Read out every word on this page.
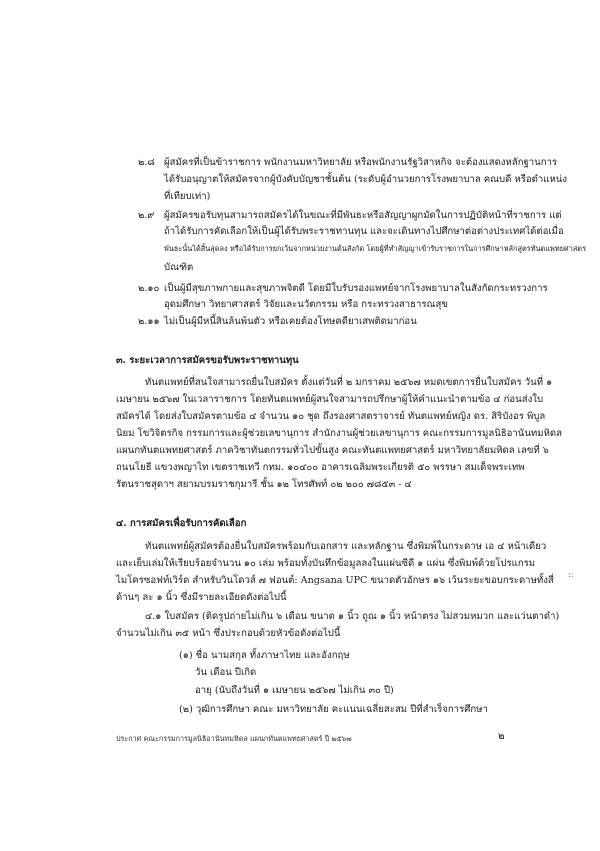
๒.๘ ผู้สมัครที่เป็นข้าราชการ พนักงานมหาวิทยาลัย หรือพนักงานรัฐวิสาหกิจ จะต้องแสดงหลักฐานการ
ได้รับอนุญาตให้สมัครจากผู้บังคับบัญชาชั้นต้น (ระดับผู้อำนวยการโรงพยาบาล คณบดี หรือตำแหน่ง
ที่เทียบเท่า)
๒.๙ ผู้สมัครขอรับทุนสามารถสมัครได้ในขณะที่มีพันธะหรือสัญญาผูกมัดในการปฏิบัติหน้าที่ราชการ แต่
ถ้าได้รับการคัดเลือกให้เป็นผู้ได้รับพระราชทานทุน และจะเดินทางไปศึกษาต่อต่างประเทศได้ต่อเมื่อ
พันธะนั้นได้สิ้นสุดลง หรือได้รับการยกเว้นจากหน่วยงานต้นสังกัด โดยผู้ที่ทำสัญญาเข้ารับราชการในการศึกษาหลักสูตรทันตแพทยศาสตร
บัณฑิต
๒.๑๐ เป็นผู้มีสุขภาพกายและสุขภาพจิตดี โดยมีใบรับรองแพทย์จากโรงพยาบาลในสังกัดกระทรวงการ
อุดมศึกษา วิทยาศาสตร์ วิจัยและนวัตกรรม หรือ กระทรวงสาธารณสุข
๒.๑๑ ไม่เป็นผู้มีหนี้สินล้นพ้นตัว หรือเคยต้องโทษคดียาเสพติดมาก่อน
๓. ระยะเวลาการสมัครขอรับพระราชทานทุน
ทันตแพทย์ที่สนใจสามารถยื่นใบสมัคร ตั้งแต่วันที่ ๒ มกราคม ๒๕๖๗ หมดเขตการยื่นใบสมัคร วันที่ ๑
เมษายน ๒๕๖๗ ในเวลาราชการ โดยทันตแพทย์ผู้สนใจสามารถปรึกษาผู้ให้คำแนะนำตามข้อ ๔ ก่อนส่งใบ
สมัครได้ โดยส่งใบสมัครตามข้อ ๔ จำนวน ๑๐ ชุด ถึงรองศาสตราจารย์ ทันตแพทย์หญิง ดร. สิริบังอร พิบูล
นิยม โขวิจิตรกิจ กรรมการและผู้ช่วยเลขานุการ สำนักงานผู้ช่วยเลขานุการ คณะกรรมการมูลนิธิอานันทมหิดล
แผนกทันตแพทยศาสตร์ ภาควิชาทันตกรรมทั่วไปขั้นสูง คณะทันตแพทยศาสตร์ มหาวิทยาลัยมหิดล เลขที่ ๖
ถนนโยธี แขวงพญาไท เขตราชเทวี กทม. ๑๐๔๐๐ อาคารเฉลิมพระเกียรติ ๕๐ พรรษา สมเด็จพระเทพ
รัตนราชสุดาฯ สยามบรมราชกุมารี ชั้น ๑๒ โทรศัพท์ ๐๒ ๒๐๐ ๗๘๕๓ - ๔
๔. การสมัครเพื่อรับการคัดเลือก
ทันตแพทย์ผู้สมัครต้องยื่นใบสมัครพร้อมกับเอกสาร และหลักฐาน ซึ่งพิมพ์ในกระดาษ เอ ๔ หน้าเดียว
และเย็บเล่มให้เรียบร้อยจำนวน ๑๐ เล่ม พร้อมทั้งบันทึกข้อมูลลงในแผ่นซีดี ๑ แผ่น ซึ่งพิมพ์ด้วยโปรแกรม
ไมโครซอฟท์เวิร์ด สำหรับวินโดวส์ ๗ ฟอนต์: Angsana UPC ขนาดตัวอักษร ๑๖ เว้นระยะขอบกระดาษทั้งสี่
ด้านๆ ละ ๑ นิ้ว ซึ่งมีรายละเอียดดังต่อไปนี้
๔.๑ ใบสมัคร (ติดรูปถ่ายไม่เกิน ๖ เดือน ขนาด ๑ นิ้ว ถูณ ๑ นิ้ว หน้าตรง ไม่สวมหมวก และแว่นตาดำ)
จำนวนไม่เกิน ๓๕ หน้า ซึ่งประกอบด้วยหัวข้อดังต่อไปนี้
(๑) ชื่อ นามสกุล ทั้งภาษาไทย และอังกฤษ
วัน เดือน ปีเกิด
อายุ (นับถึงวันที่ ๑ เมษายน ๒๕๖๗ ไม่เกิน ๓๐ ปี)
(๒) วุฒิการศึกษา คณะ มหาวิทยาลัย คะแนนเฉลี่ยสะสม ปีที่สำเร็จการศึกษา
::
ประกาศ คณะกรรมการมูลนิธิอานันทมหิดล แผนกทันตแพทยศาสตร์ ปี ๒๕๖๗	๒
